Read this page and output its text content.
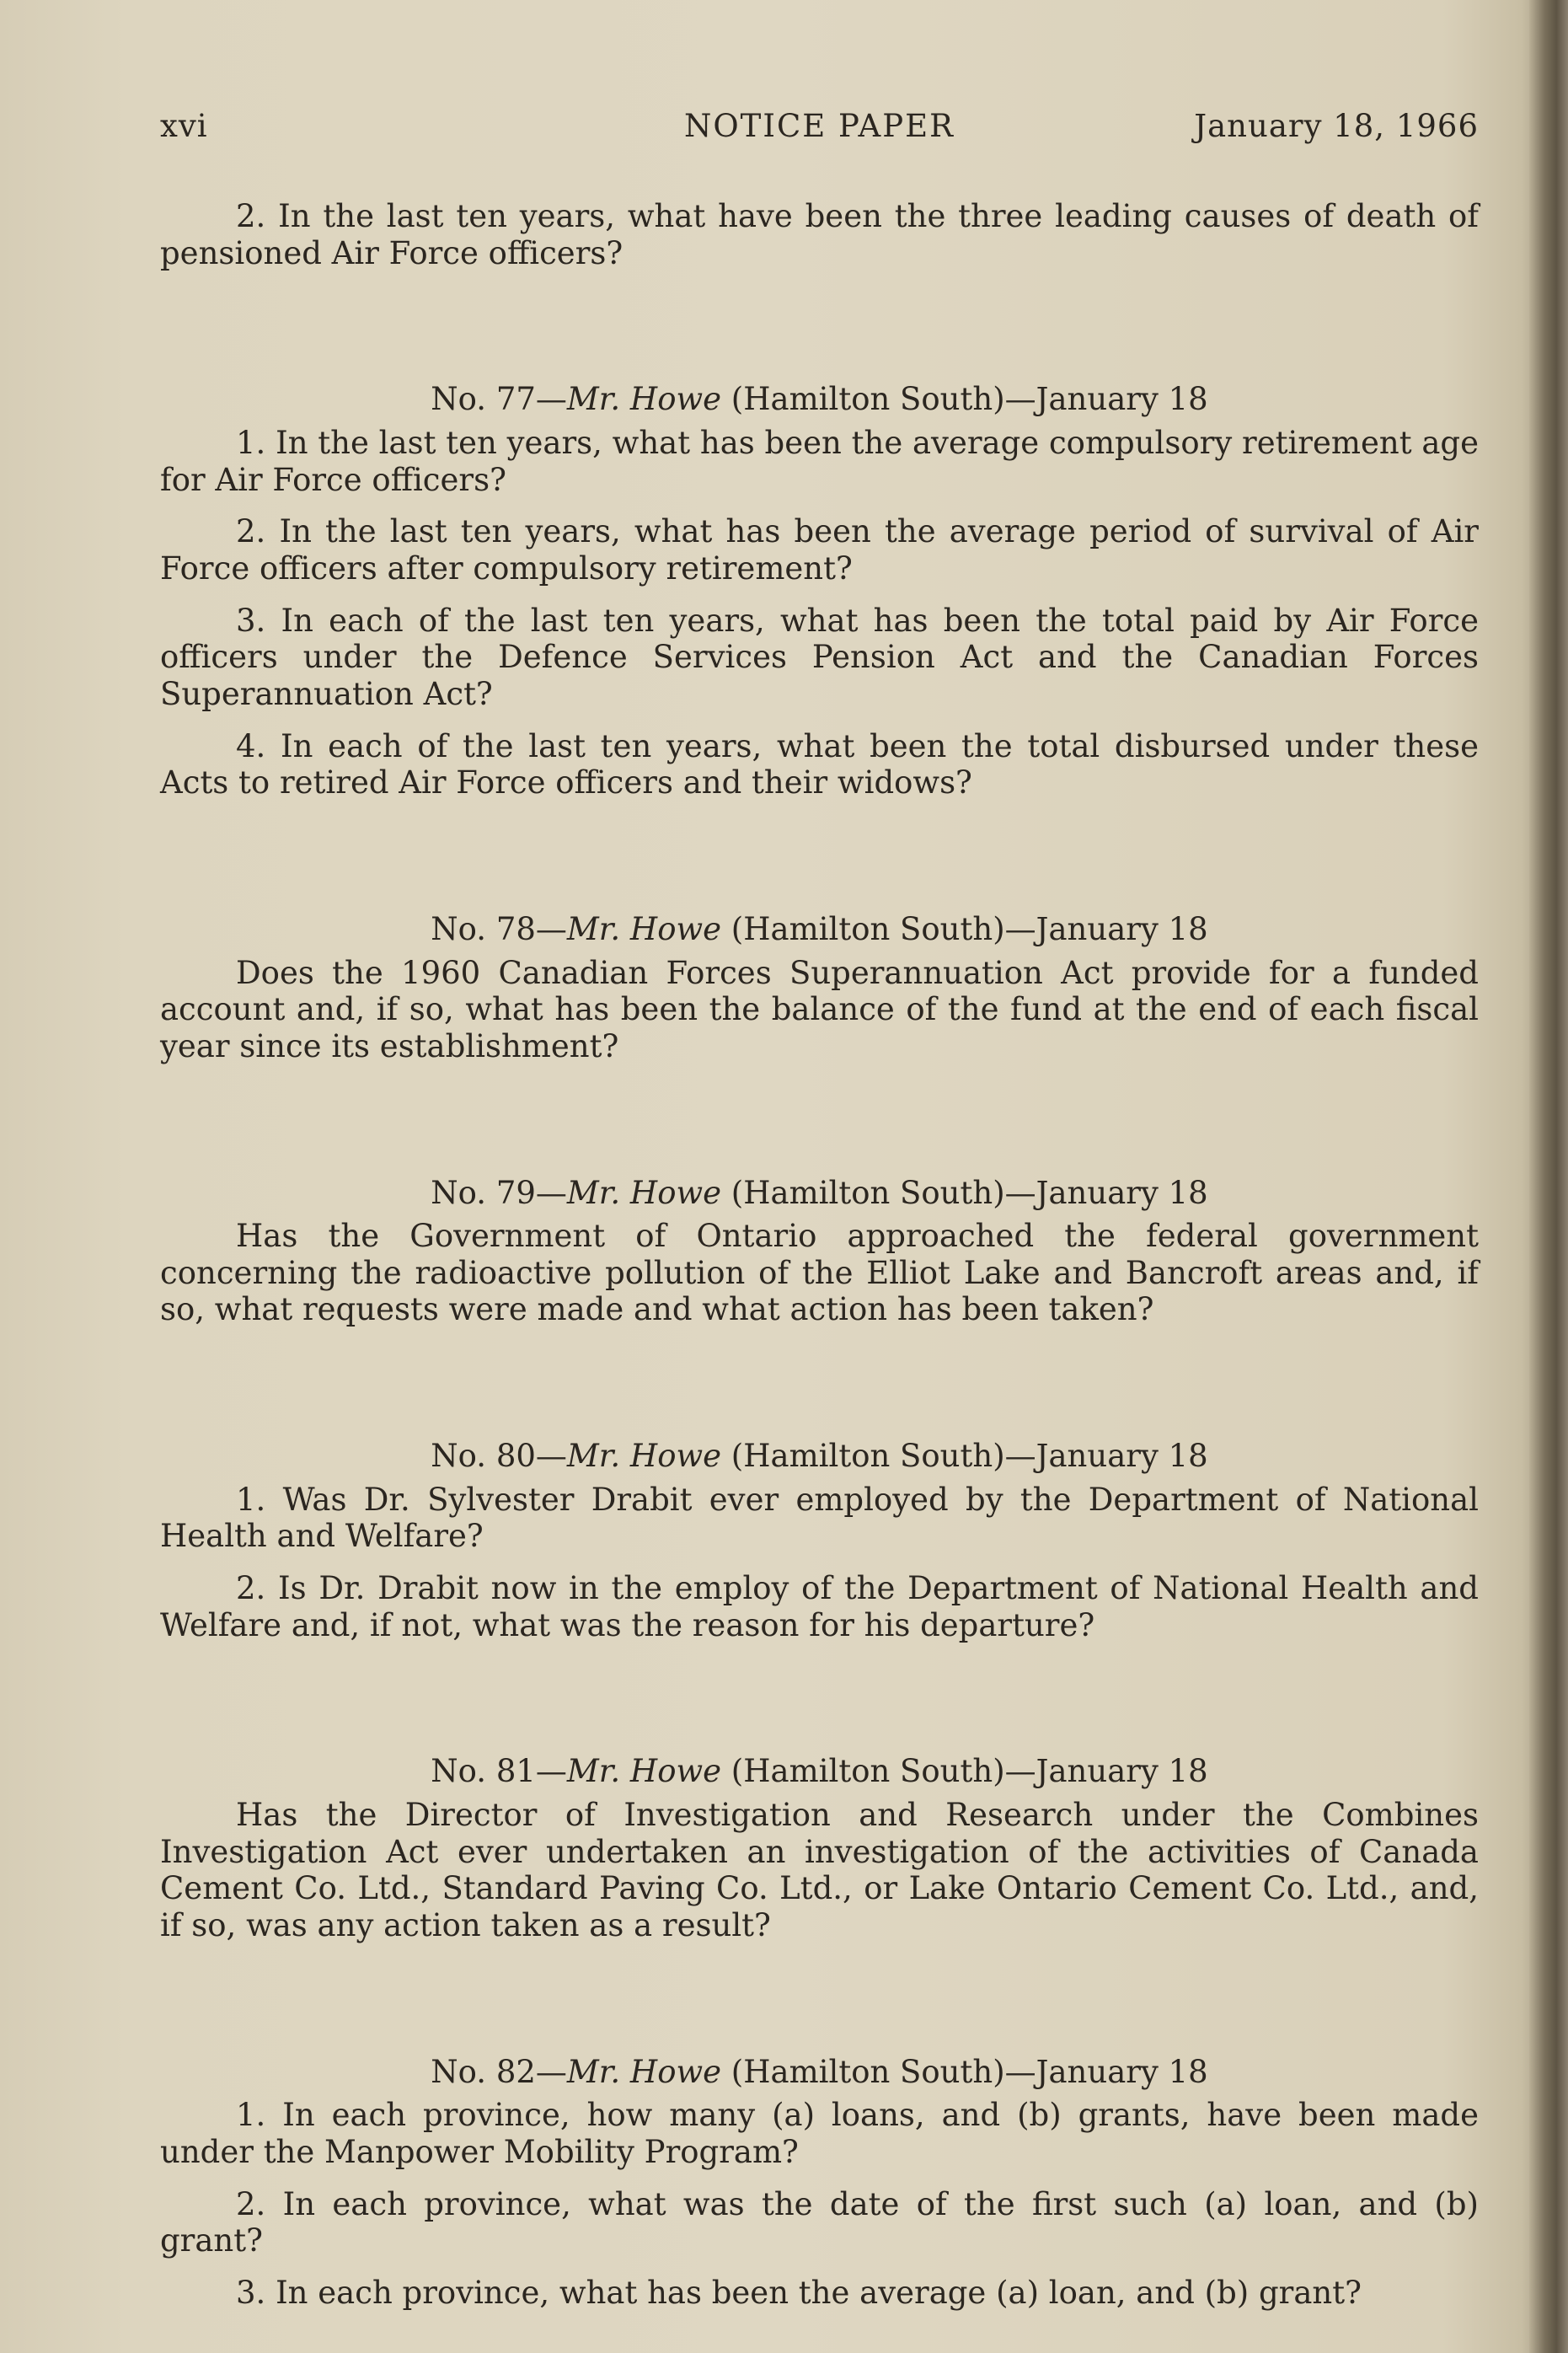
xvi	NOTICE PAPER	January 18, 1966

2. In the last ten years, what have been the three leading causes of death of pensioned Air Force officers?

No. 77—Mr. Howe (Hamilton South)—January 18

1. In the last ten years, what has been the average compulsory retirement age for Air Force officers?

2. In the last ten years, what has been the average period of survival of Air Force officers after compulsory retirement?

3. In each of the last ten years, what has been the total paid by Air Force officers under the Defence Services Pension Act and the Canadian Forces Superannuation Act?

4. In each of the last ten years, what been the total disbursed under these Acts to retired Air Force officers and their widows?

No. 78—Mr. Howe (Hamilton South)—January 18

Does the 1960 Canadian Forces Superannuation Act provide for a funded account and, if so, what has been the balance of the fund at the end of each fiscal year since its establishment?

No. 79—Mr. Howe (Hamilton South)—January 18

Has the Government of Ontario approached the federal government concerning the radioactive pollution of the Elliot Lake and Bancroft areas and, if so, what requests were made and what action has been taken?

No. 80—Mr. Howe (Hamilton South)—January 18

1. Was Dr. Sylvester Drabit ever employed by the Department of National Health and Welfare?

2. Is Dr. Drabit now in the employ of the Department of National Health and Welfare and, if not, what was the reason for his departure?

No. 81—Mr. Howe (Hamilton South)—January 18

Has the Director of Investigation and Research under the Combines Investigation Act ever undertaken an investigation of the activities of Canada Cement Co. Ltd., Standard Paving Co. Ltd., or Lake Ontario Cement Co. Ltd., and, if so, was any action taken as a result?

No. 82—Mr. Howe (Hamilton South)—January 18

1. In each province, how many (a) loans, and (b) grants, have been made under the Manpower Mobility Program?

2. In each province, what was the date of the first such (a) loan, and (b) grant?

3. In each province, what has been the average (a) loan, and (b) grant?
